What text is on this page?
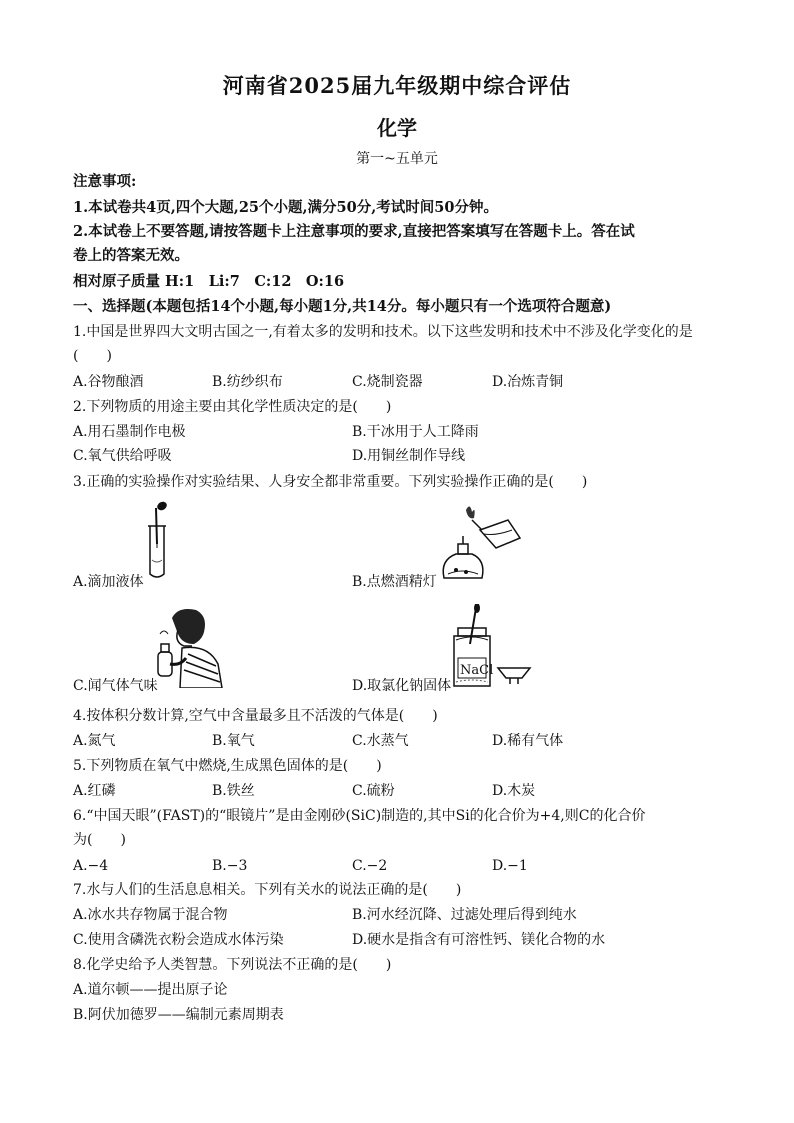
河南省2025届九年级期中综合评估
化学
第一~五单元
注意事项:
1.本试卷共4页,四个大题,25个小题,满分50分,考试时间50分钟。
2.本试卷上不要答题,请按答题卡上注意事项的要求,直接把答案填写在答题卡上。答在试
卷上的答案无效。
相对原子质量 H:1　Li:7　C:12　O:16
一、选择题(本题包括14个小题,每小题1分,共14分。每小题只有一个选项符合题意)
1.中国是世界四大文明古国之一,有着太多的发明和技术。以下这些发明和技术中不涉及化学变化的是
(　　)
A.谷物酿酒	B.纺纱织布	C.烧制瓷器	D.冶炼青铜
2.下列物质的用途主要由其化学性质决定的是(　　)
A.用石墨制作电极	B.干冰用于人工降雨
C.氧气供给呼吸	D.用铜丝制作导线
3.正确的实验操作对实验结果、人身安全都非常重要。下列实验操作正确的是(　　)
A.滴加液体	B.点燃酒精灯
C.闻气体气味
NaCl
D.取氯化钠固体
4.按体积分数计算,空气中含量最多且不活泼的气体是(　　)
A.氮气	B.氧气	C.水蒸气	D.稀有气体
5.下列物质在氧气中燃烧,生成黑色固体的是(　　)
A.红磷	B.铁丝	C.硫粉	D.木炭
6.“中国天眼”(FAST)的“眼镜片”是由金刚砂(SiC)制造的,其中Si的化合价为+4,则C的化合价
为(　　)
A.−4	B.−3	C.−2	D.−1
7.水与人们的生活息息相关。下列有关水的说法正确的是(　　)
A.冰水共存物属于混合物	B.河水经沉降、过滤处理后得到纯水
C.使用含磷洗衣粉会造成水体污染	D.硬水是指含有可溶性钙、镁化合物的水
8.化学史给予人类智慧。下列说法不正确的是(　　)
A.道尔顿——提出原子论
B.阿伏加德罗——编制元素周期表
